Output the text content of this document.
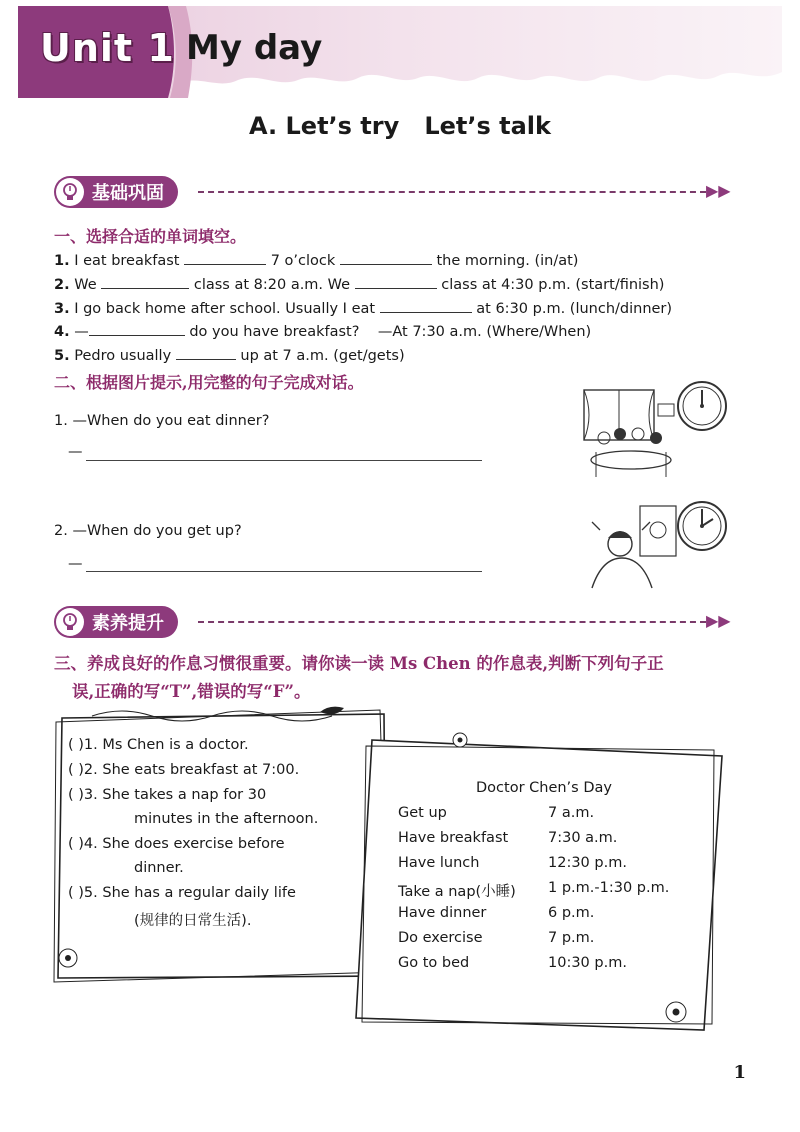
Unit 1 My day
A. Let’s try   Let’s talk
基础巩固	▶▶
一、选择合适的单词填空。
1. I eat breakfast	7 o’clock	the morning. (in/at)
2. We	class at 8:20 a.m. We	class at 4:30 p.m. (start/finish)
3. I go back home after school. Usually I eat	at 6:30 p.m. (lunch/dinner)
4. —	do you have breakfast? —At 7:30 a.m. (Where/When)
5. Pedro usually	up at 7 a.m. (get/gets)
二、根据图片提示,用完整的句子完成对话。
1. —When do you eat dinner?
—
2. —When do you get up?
—
素养提升	▶▶
三、养成良好的作息习惯很重要。请你读一读 Ms Chen 的作息表,判断下列句子正
误,正确的写“T”,错误的写“F”。
( )1. Ms Chen is a doctor.
( )2. She eats breakfast at 7:00.
( )3. She takes a nap for 30
minutes in the afternoon.
( )4. She does exercise before
dinner.
( )5. She has a regular daily life
(规律的日常生活).
Doctor Chen’s Day
Get up	7 a.m.
Have breakfast	7:30 a.m.
Have lunch	12:30 p.m.
Take a nap(小睡) 1 p.m.-1:30 p.m.
Have dinner	6 p.m.
Do exercise	7 p.m.
Go to bed	10:30 p.m.
1
